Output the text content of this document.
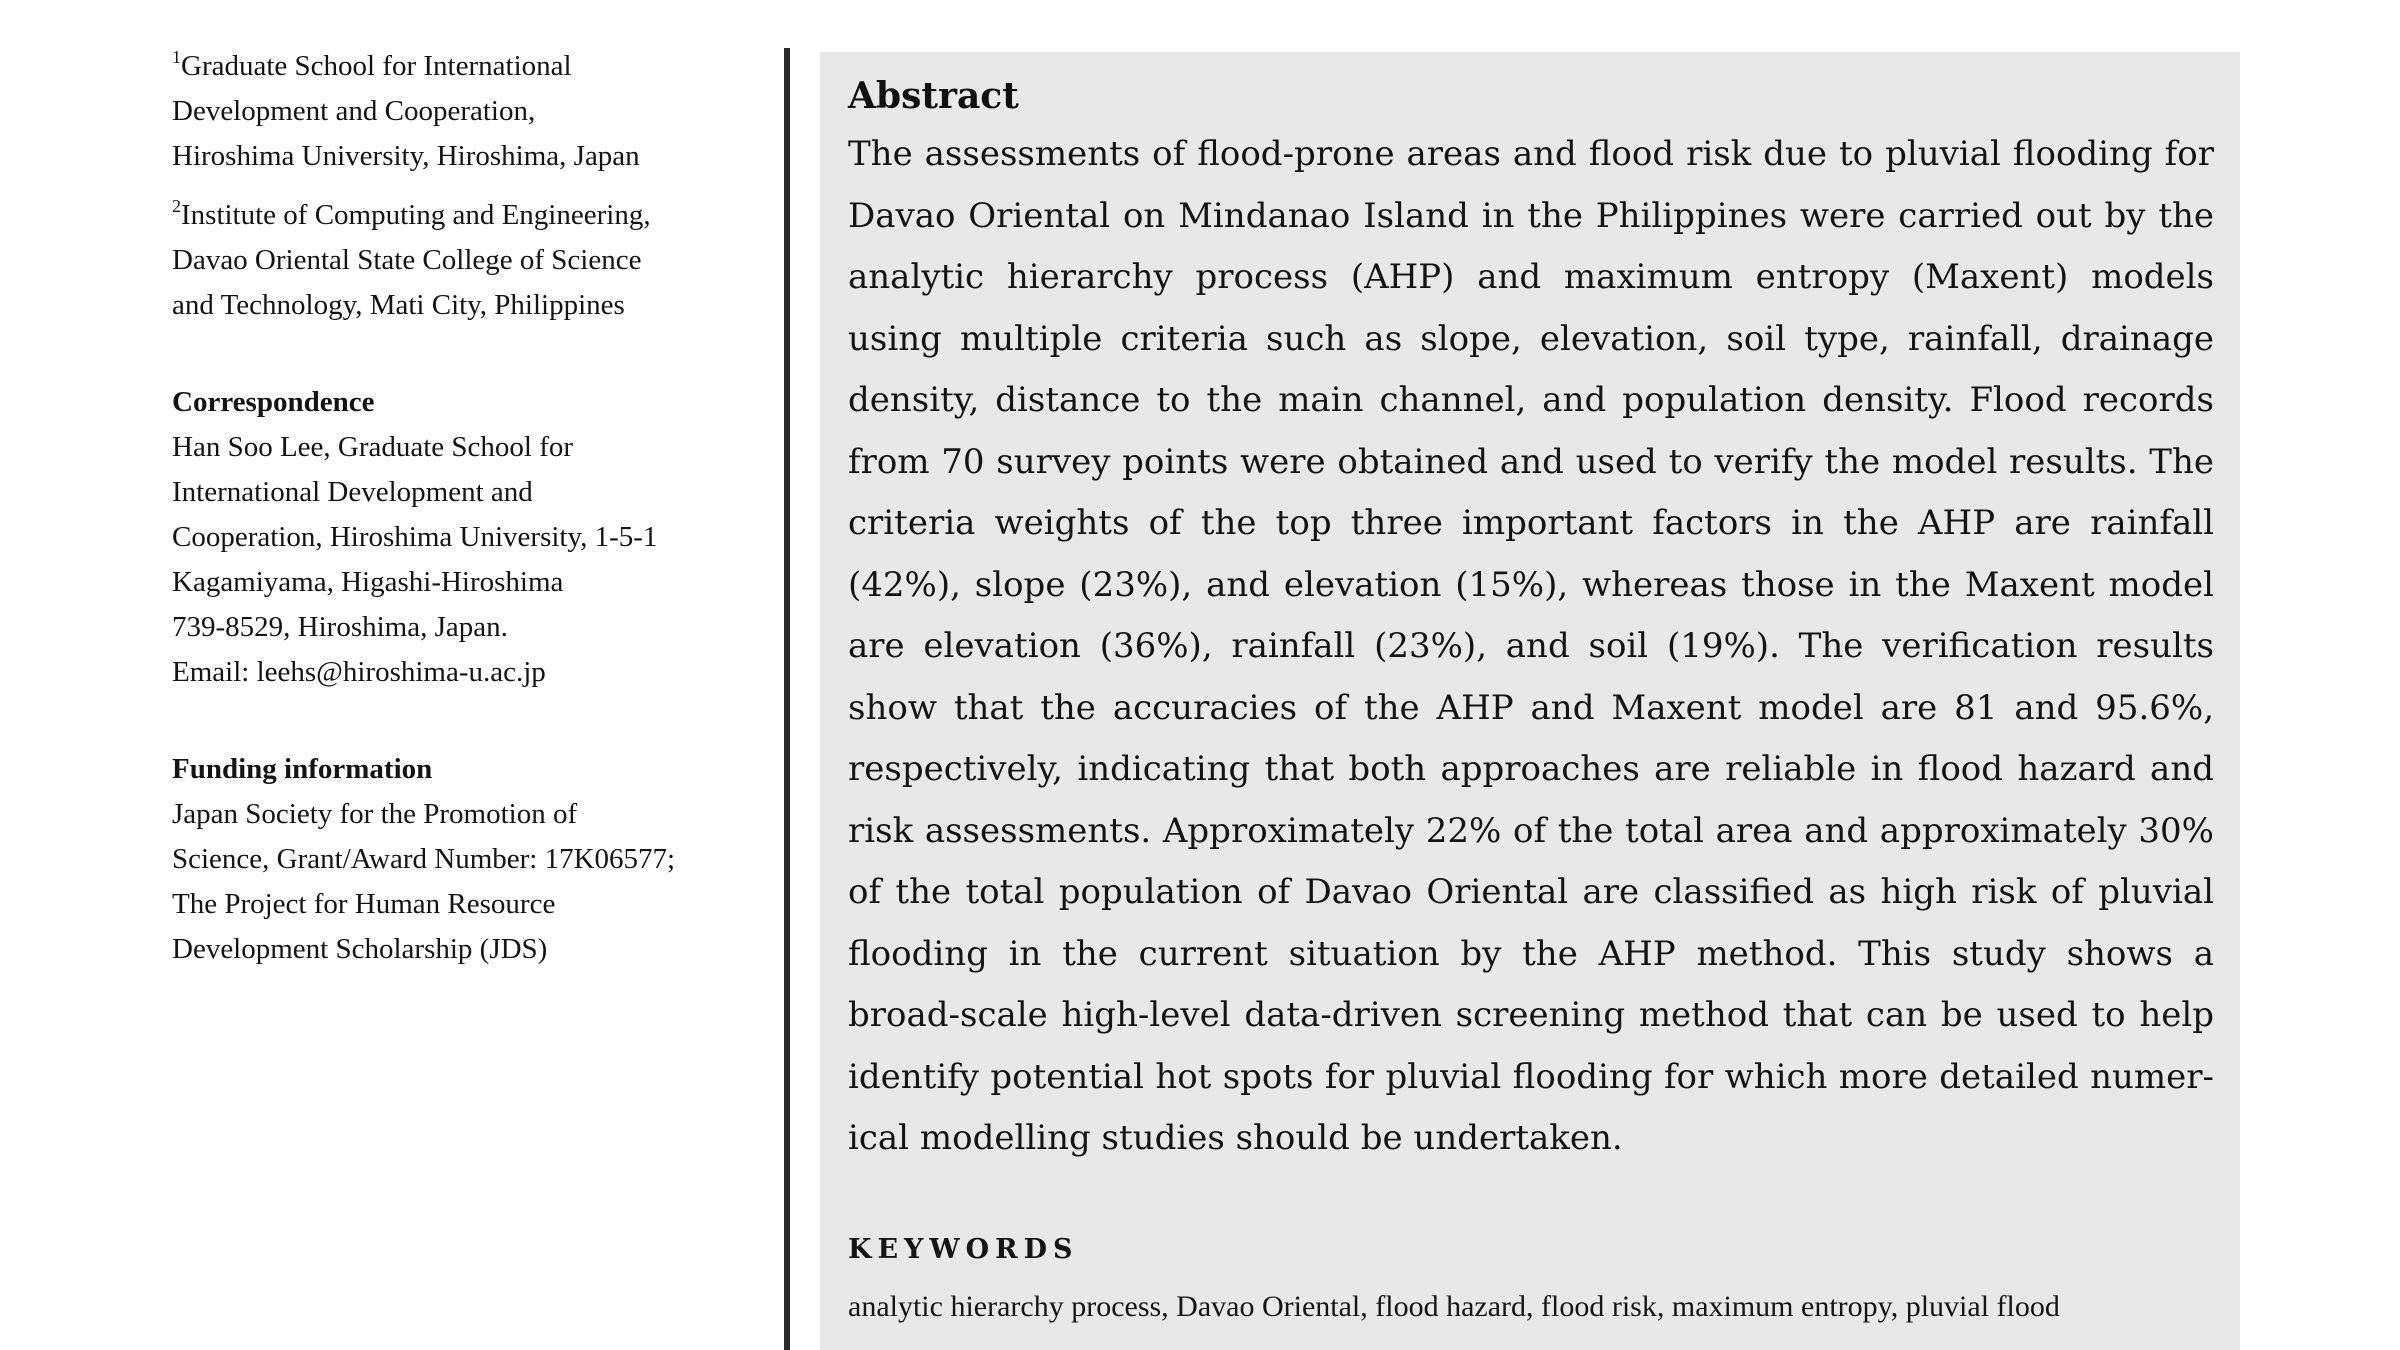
$^1$Graduate School for International
Development and Cooperation,
Hiroshima University, Hiroshima, Japan
$^2$Institute of Computing and Engineering,
Davao Oriental State College of Science
and Technology, Mati City, Philippines
Correspondence
Han Soo Lee, Graduate School for
International Development and
Cooperation, Hiroshima University, 1-5-1
Kagamiyama, Higashi-Hiroshima
739-8529, Hiroshima, Japan.
Email: leehs@hiroshima-u.ac.jp
Funding information
Japan Society for the Promotion of
Science, Grant/Award Number: 17K06577;
The Project for Human Resource
Development Scholarship (JDS)
Abstract

The assessments of flood-prone areas and flood risk due to pluvial flooding for Davao Oriental on Mindanao Island in the Philippines were carried out by the analytic hierarchy process (AHP) and maximum entropy (Maxent) models using multiple criteria such as slope, elevation, soil type, rainfall, drainage density, distance to the main channel, and population density. Flood records from 70 survey points were obtained and used to verify the model results. The criteria weights of the top three important factors in the AHP are rainfall (42%), slope (23%), and elevation (15%), whereas those in the Maxent model are elevation (36%), rainfall (23%), and soil (19%). The verification results show that the accuracies of the AHP and Maxent model are 81 and 95.6%, respectively, indicating that both approaches are reliable in flood hazard and risk assessments. Approximately 22% of the total area and approximately 30% of the total population of Davao Oriental are classified as high risk of pluvial flooding in the current situation by the AHP method. This study shows a broad-scale high-level data-driven screening method that can be used to help identify potential hot spots for pluvial flooding for which more detailed numerical modelling studies should be undertaken.

KEYWORDS
analytic hierarchy process, Davao Oriental, flood hazard, flood risk, maximum entropy, pluvial flood
